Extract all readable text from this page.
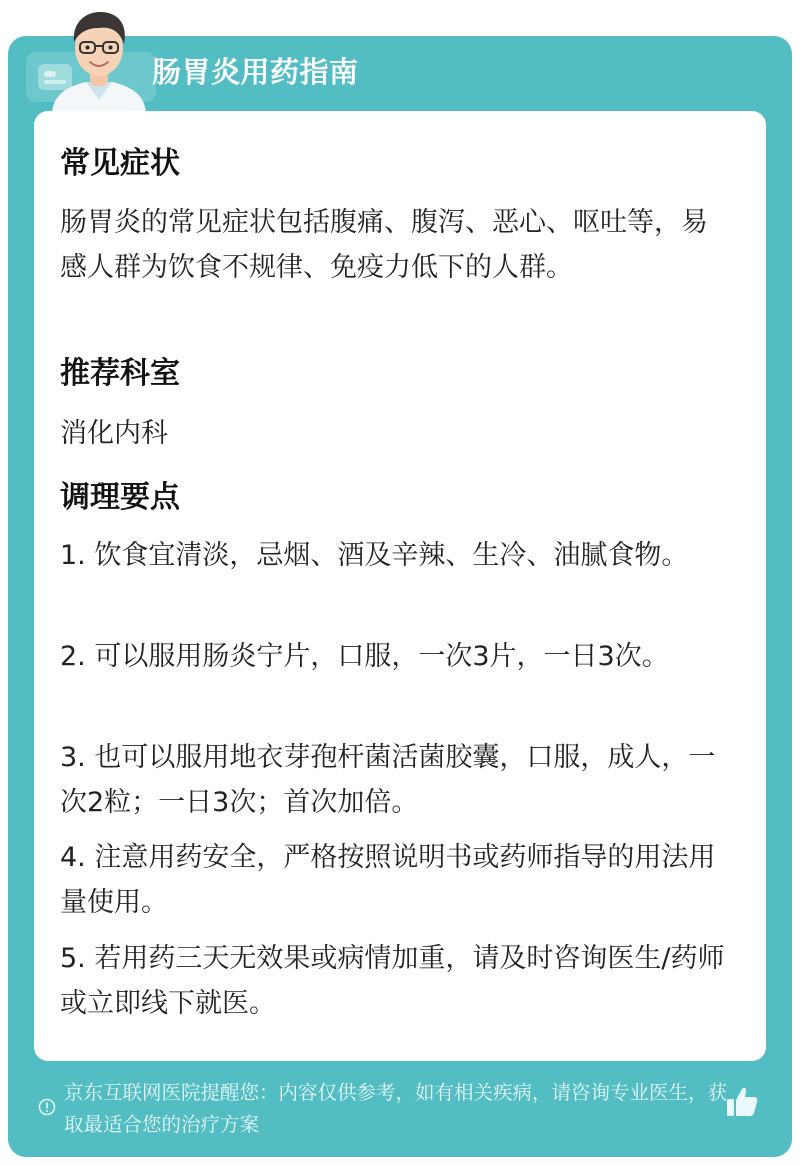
肠胃炎用药指南
常见症状
肠胃炎的常见症状包括腹痛、腹泻、恶心、呕吐等，易感人群为饮食不规律、免疫力低下的人群。
推荐科室
消化内科
调理要点
1. 饮食宜清淡，忌烟、酒及辛辣、生冷、油腻食物。
2. 可以服用肠炎宁片，口服，一次3片，一日3次。
3. 也可以服用地衣芽孢杆菌活菌胶囊，口服，成人，一次2粒；一日3次；首次加倍。
4. 注意用药安全，严格按照说明书或药师指导的用法用量使用。
5. 若用药三天无效果或病情加重，请及时咨询医生/药师或立即线下就医。
京东互联网医院提醒您：内容仅供参考，如有相关疾病，请咨询专业医生，获取最适合您的治疗方案
